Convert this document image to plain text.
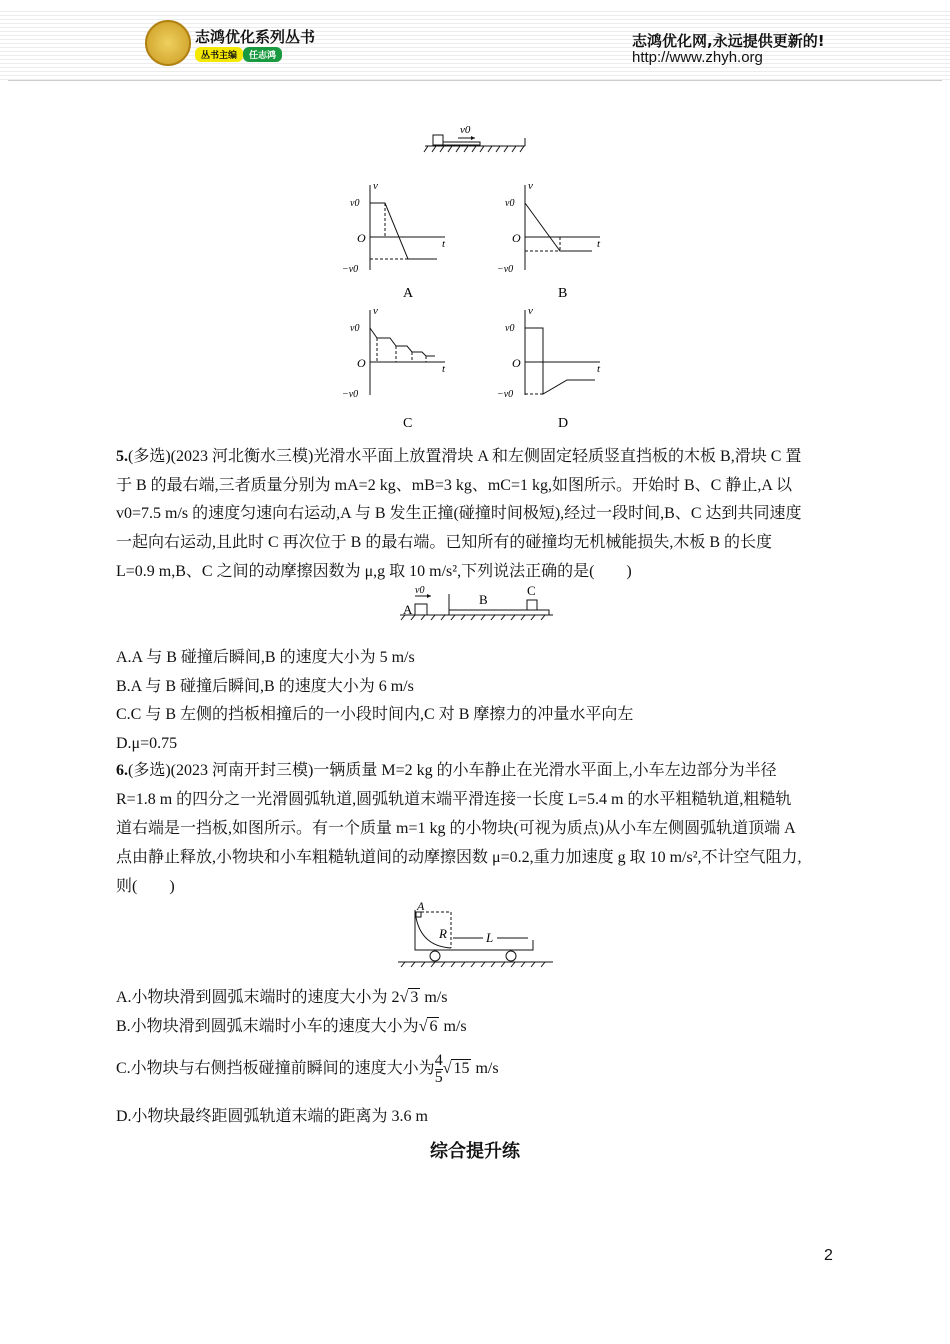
志鸿优化系列丛书
丛书主编	任志鸿
志鸿优化网,永远提供更新的!
http://www.zhyh.org
v0
v
t
O
v0
−v0
A
v
t
O
v0
−v0
B
v
t
O
v0
−v0
C
v
t
O
v0
−v0
D
5.(多选)(2023 河北衡水三模)光滑水平面上放置滑块 A 和左侧固定轻质竖直挡板的木板 B,滑块 C 置
于 B 的最右端,三者质量分别为 mA=2 kg、mB=3 kg、mC=1 kg,如图所示。开始时 B、C 静止,A 以
v0=7.5 m/s 的速度匀速向右运动,A 与 B 发生正撞(碰撞时间极短),经过一段时间,B、C 达到共同速度
一起向右运动,且此时 C 再次位于 B 的最右端。已知所有的碰撞均无机械能损失,木板 B 的长度
L=0.9 m,B、C 之间的动摩擦因数为 μ,g 取 10 m/s²,下列说法正确的是(　　)
A
v0
B
C
A.A 与 B 碰撞后瞬间,B 的速度大小为 5 m/s
B.A 与 B 碰撞后瞬间,B 的速度大小为 6 m/s
C.C 与 B 左侧的挡板相撞后的一小段时间内,C 对 B 摩擦力的冲量水平向左
D.μ=0.75
6.(多选)(2023 河南开封三模)一辆质量 M=2 kg 的小车静止在光滑水平面上,小车左边部分为半径
R=1.8 m 的四分之一光滑圆弧轨道,圆弧轨道末端平滑连接一长度 L=5.4 m 的水平粗糙轨道,粗糙轨
道右端是一挡板,如图所示。有一个质量 m=1 kg 的小物块(可视为质点)从小车左侧圆弧轨道顶端 A
点由静止释放,小物块和小车粗糙轨道间的动摩擦因数 μ=0.2,重力加速度 g 取 10 m/s²,不计空气阻力,
则(　　)
A
R	L
A.小物块滑到圆弧末端时的速度大小为 2√ 3 m/s
B.小物块滑到圆弧末端时小车的速度大小为√ 6 m/s
C.小物块与右侧挡板碰撞前瞬间的速度大小为 $\frac{4}{5}$ √ 15 m/s
D.小物块最终距圆弧轨道末端的距离为 3.6 m
综合提升练
2
